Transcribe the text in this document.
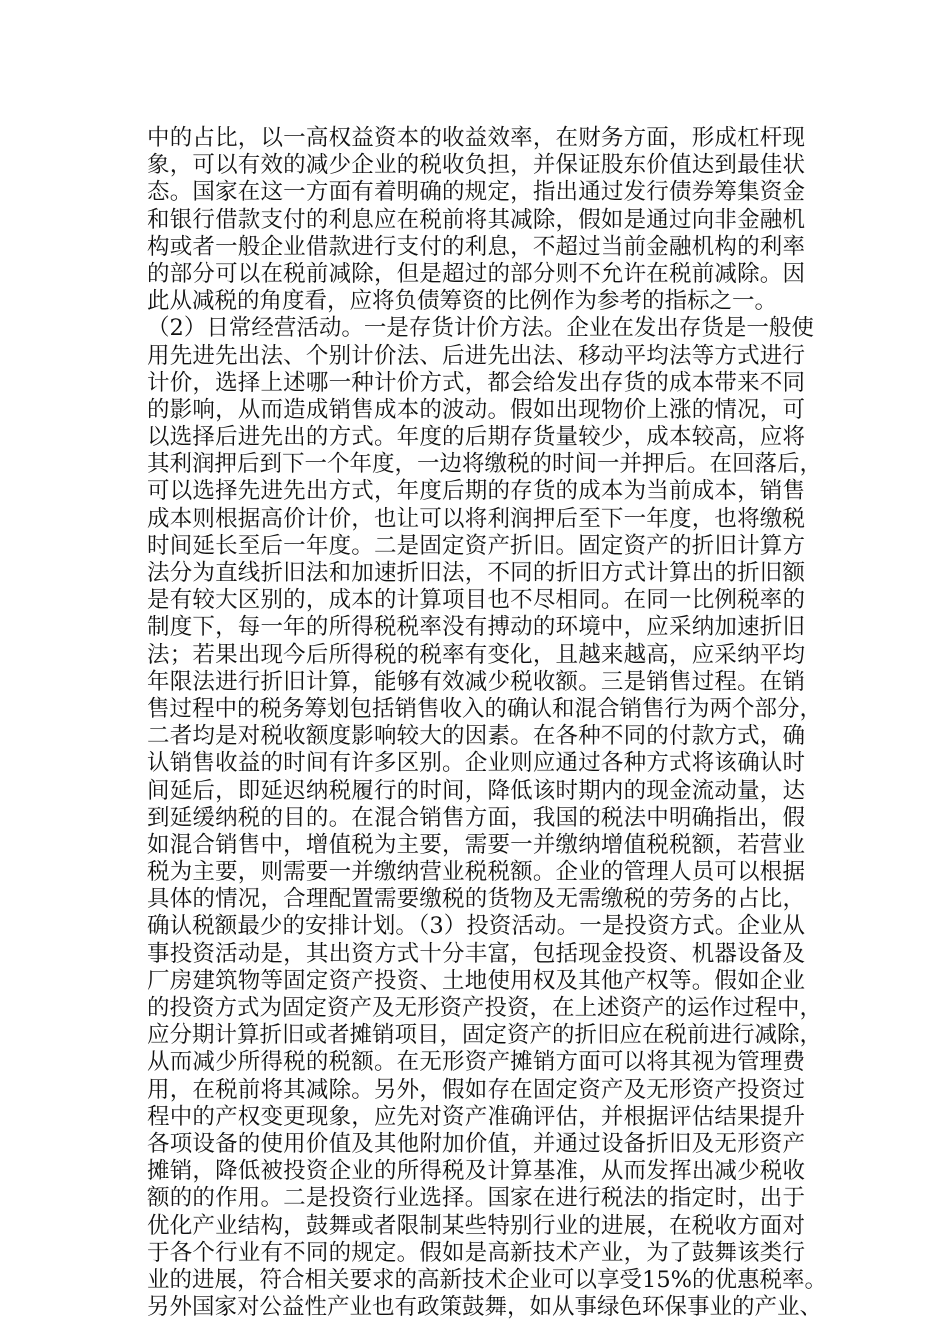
中的占比，以一高权益资本的收益效率，在财务方面，形成杠杆现
象，可以有效的减少企业的税收负担，并保证股东价值达到最佳状
态。国家在这一方面有着明确的规定，指出通过发行债券筹集资金
和银行借款支付的利息应在税前将其减除，假如是通过向非金融机
构或者一般企业借款进行支付的利息，不超过当前金融机构的利率
的部分可以在税前减除，但是超过的部分则不允许在税前减除。因
此从减税的角度看，应将负债筹资的比例作为参考的指标之一。
（2）日常经营活动。一是存货计价方法。企业在发出存货是一般使
用先进先出法、个别计价法、后进先出法、移动平均法等方式进行
计价，选择上述哪一种计价方式，都会给发出存货的成本带来不同
的影响，从而造成销售成本的波动。假如出现物价上涨的情况，可
以选择后进先出的方式。年度的后期存货量较少，成本较高，应将
其利润押后到下一个年度，一边将缴税的时间一并押后。在回落后，
可以选择先进先出方式，年度后期的存货的成本为当前成本，销售
成本则根据高价计价，也让可以将利润押后至下一年度，也将缴税
时间延长至后一年度。二是固定资产折旧。固定资产的折旧计算方
法分为直线折旧法和加速折旧法，不同的折旧方式计算出的折旧额
是有较大区别的，成本的计算项目也不尽相同。在同一比例税率的
制度下，每一年的所得税税率没有搏动的环境中，应采纳加速折旧
法；若果出现今后所得税的税率有变化，且越来越高，应采纳平均
年限法进行折旧计算，能够有效减少税收额。三是销售过程。在销
售过程中的税务筹划包括销售收入的确认和混合销售行为两个部分，
二者均是对税收额度影响较大的因素。在各种不同的付款方式，确
认销售收益的时间有许多区别。企业则应通过各种方式将该确认时
间延后，即延迟纳税履行的时间，降低该时期内的现金流动量，达
到延缓纳税的目的。在混合销售方面，我国的税法中明确指出，假
如混合销售中，增值税为主要，需要一并缴纳增值税税额，若营业
税为主要，则需要一并缴纳营业税税额。企业的管理人员可以根据
具体的情况，合理配置需要缴税的货物及无需缴税的劳务的占比，
确认税额最少的安排计划。（3）投资活动。一是投资方式。企业从
事投资活动是，其出资方式十分丰富，包括现金投资、机器设备及
厂房建筑物等固定资产投资、土地使用权及其他产权等。假如企业
的投资方式为固定资产及无形资产投资，在上述资产的运作过程中，
应分期计算折旧或者摊销项目，固定资产的折旧应在税前进行减除，
从而减少所得税的税额。在无形资产摊销方面可以将其视为管理费
用，在税前将其减除。另外，假如存在固定资产及无形资产投资过
程中的产权变更现象，应先对资产准确评估，并根据评估结果提升
各项设备的使用价值及其他附加价值，并通过设备折旧及无形资产
摊销，降低被投资企业的所得税及计算基准，从而发挥出减少税收
额的的作用。二是投资行业选择。国家在进行税法的指定时，出于
优化产业结构，鼓舞或者限制某些特别行业的进展，在税收方面对
于各个行业有不同的规定。假如是高新技术产业，为了鼓舞该类行
业的进展，符合相关要求的高新技术企业可以享受15%的优惠税率。
另外国家对公益性产业也有政策鼓舞，如从事绿色环保事业的产业、
